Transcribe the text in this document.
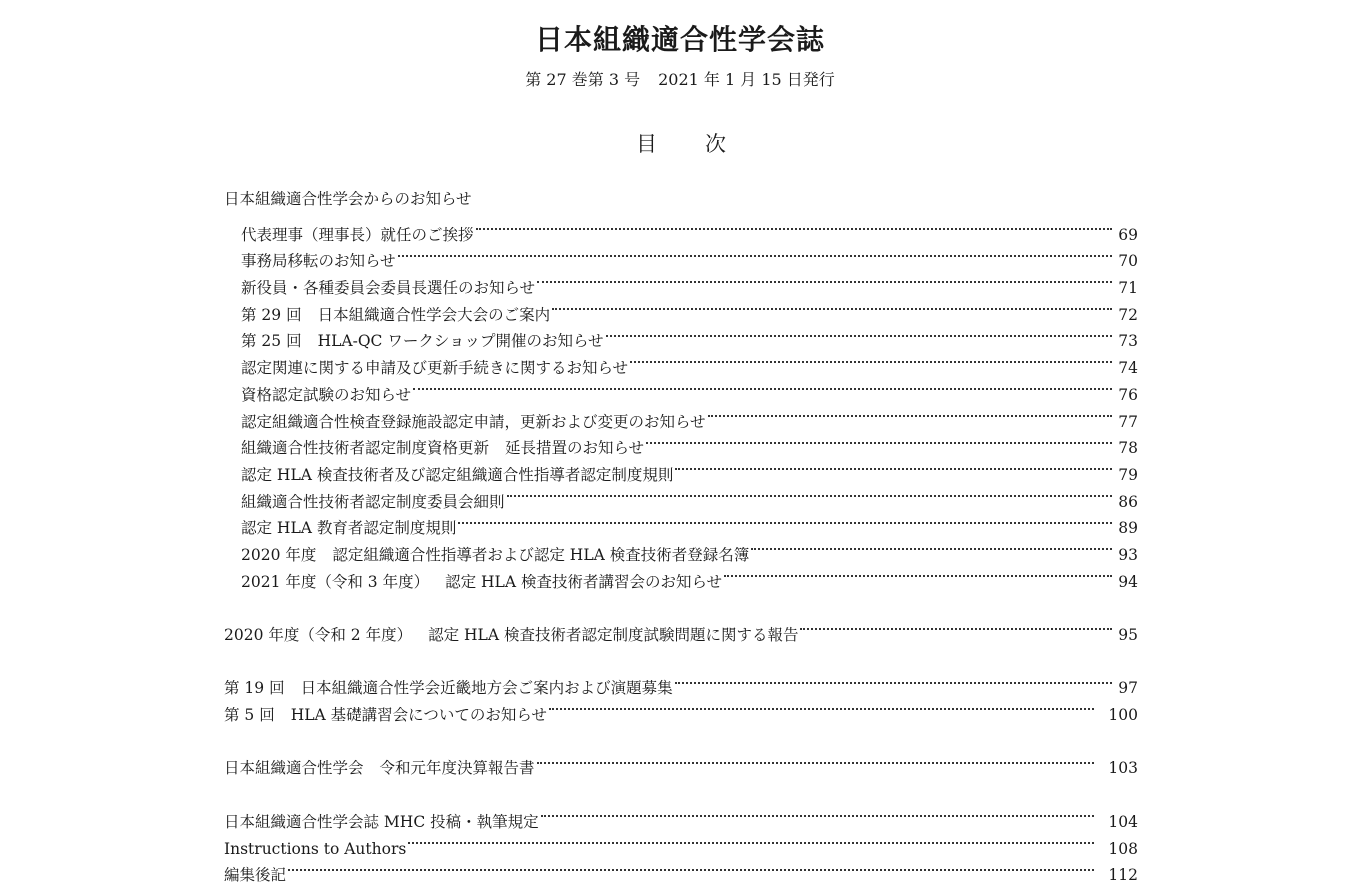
日本組織適合性学会誌
第 27 巻第 3 号 2021 年 1 月 15 日発行
目次
日本組織適合性学会からのお知らせ
代表理事（理事長）就任のご挨拶	69
事務局移転のお知らせ	70
新役員・各種委員会委員長選任のお知らせ	71
第 29 回 日本組織適合性学会大会のご案内	72
第 25 回 HLA-QC ワークショップ開催のお知らせ	73
認定関連に関する申請及び更新手続きに関するお知らせ	74
資格認定試験のお知らせ	76
認定組織適合性検査登録施設認定申請，更新および変更のお知らせ	77
組織適合性技術者認定制度資格更新 延長措置のお知らせ	78
認定 HLA 検査技術者及び認定組織適合性指導者認定制度規則	79
組織適合性技術者認定制度委員会細則	86
認定 HLA 教育者認定制度規則	89
2020 年度 認定組織適合性指導者および認定 HLA 検査技術者登録名簿	93
2021 年度（令和 3 年度） 認定 HLA 検査技術者講習会のお知らせ	94
2020 年度（令和 2 年度） 認定 HLA 検査技術者認定制度試験問題に関する報告	95
第 19 回 日本組織適合性学会近畿地方会ご案内および演題募集	97
第 5 回 HLA 基礎講習会についてのお知らせ	100
日本組織適合性学会 令和元年度決算報告書	103
日本組織適合性学会誌 MHC 投稿・執筆規定	104
Instructions to Authors	108
編集後記	112
